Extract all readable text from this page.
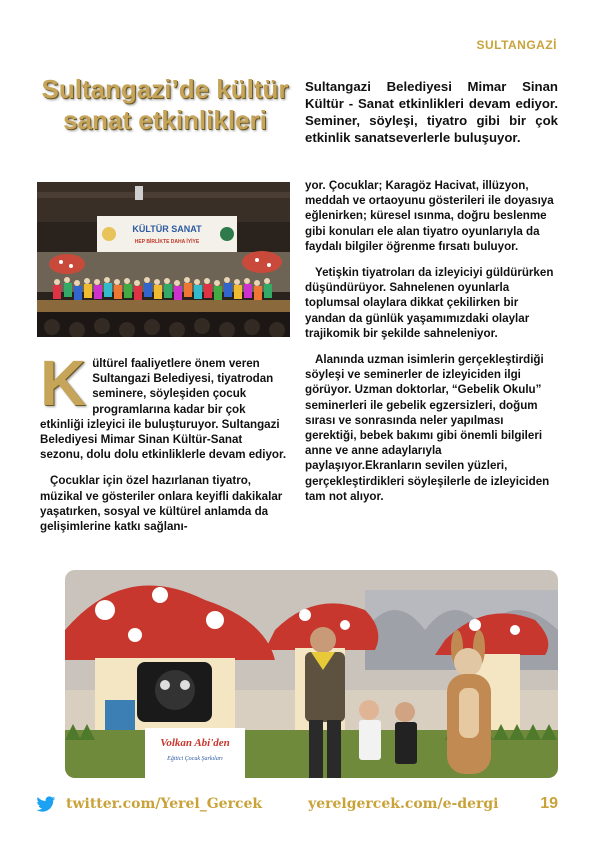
SULTANGAZİ
Sultangazi’de kültür sanat etkinlikleri
KÜLTÜR SANAT
HEP BİRLİKTE DAHA İYİYE
Sultangazi Belediyesi Mimar Sinan Kültür - Sanat etkinlikleri devam ediyor. Seminer, söyleşi, tiyatro gibi bir çok etkinlik sanatseverlerle buluşuyor.

Kültürel faaliyetlere önem veren Sultangazi Belediyesi, tiyatrodan seminere, söyleşiden çocuk programlarına kadar bir çok etkinliği izleyici ile buluşturuyor. Sultangazi Belediyesi Mimar Sinan Kültür-Sanat sezonu, dolu dolu etkinliklerle devam ediyor.

Çocuklar için özel hazırlanan tiyatro, müzikal ve gösteriler onlara keyifli dakikalar yaşatırken, sosyal ve kültürel anlamda da gelişimlerine katkı sağlanı-

yor. Çocuklar; Karagöz Hacivat, illüzyon, meddah ve ortaoyunu gösterileri ile doyasıya eğlenirken; küresel ısınma, doğru beslenme gibi konuları ele alan tiyatro oyunlarıyla da faydalı bilgiler öğrenme fırsatı buluyor.

Yetişkin tiyatroları da izleyiciyi güldürürken düşündürüyor. Sahnelenen oyunlarla toplumsal olaylara dikkat çekilirken bir yandan da günlük yaşamımızdaki olaylar trajikomik bir şekilde sahneleniyor.

Alanında uzman isimlerin gerçekleştirdiği söyleşi ve seminerler de izleyiciden ilgi görüyor. Uzman doktorlar, “Gebelik Okulu” seminerleri ile gebelik egzersizleri, doğum sırası ve sonrasında neler yapılması gerektiği, bebek bakımı gibi önemli bilgileri anne ve anne adaylarıyla paylaşıyor.Ekranların sevilen yüzleri, gerçekleştirdikleri söyleşilerle de izleyiciden tam not alıyor.

Volkan Abi'den
Eğitici Çocuk Şarkıları
twitter.com/Yerel_Gercek	yerelgercek.com/e-dergi	19
